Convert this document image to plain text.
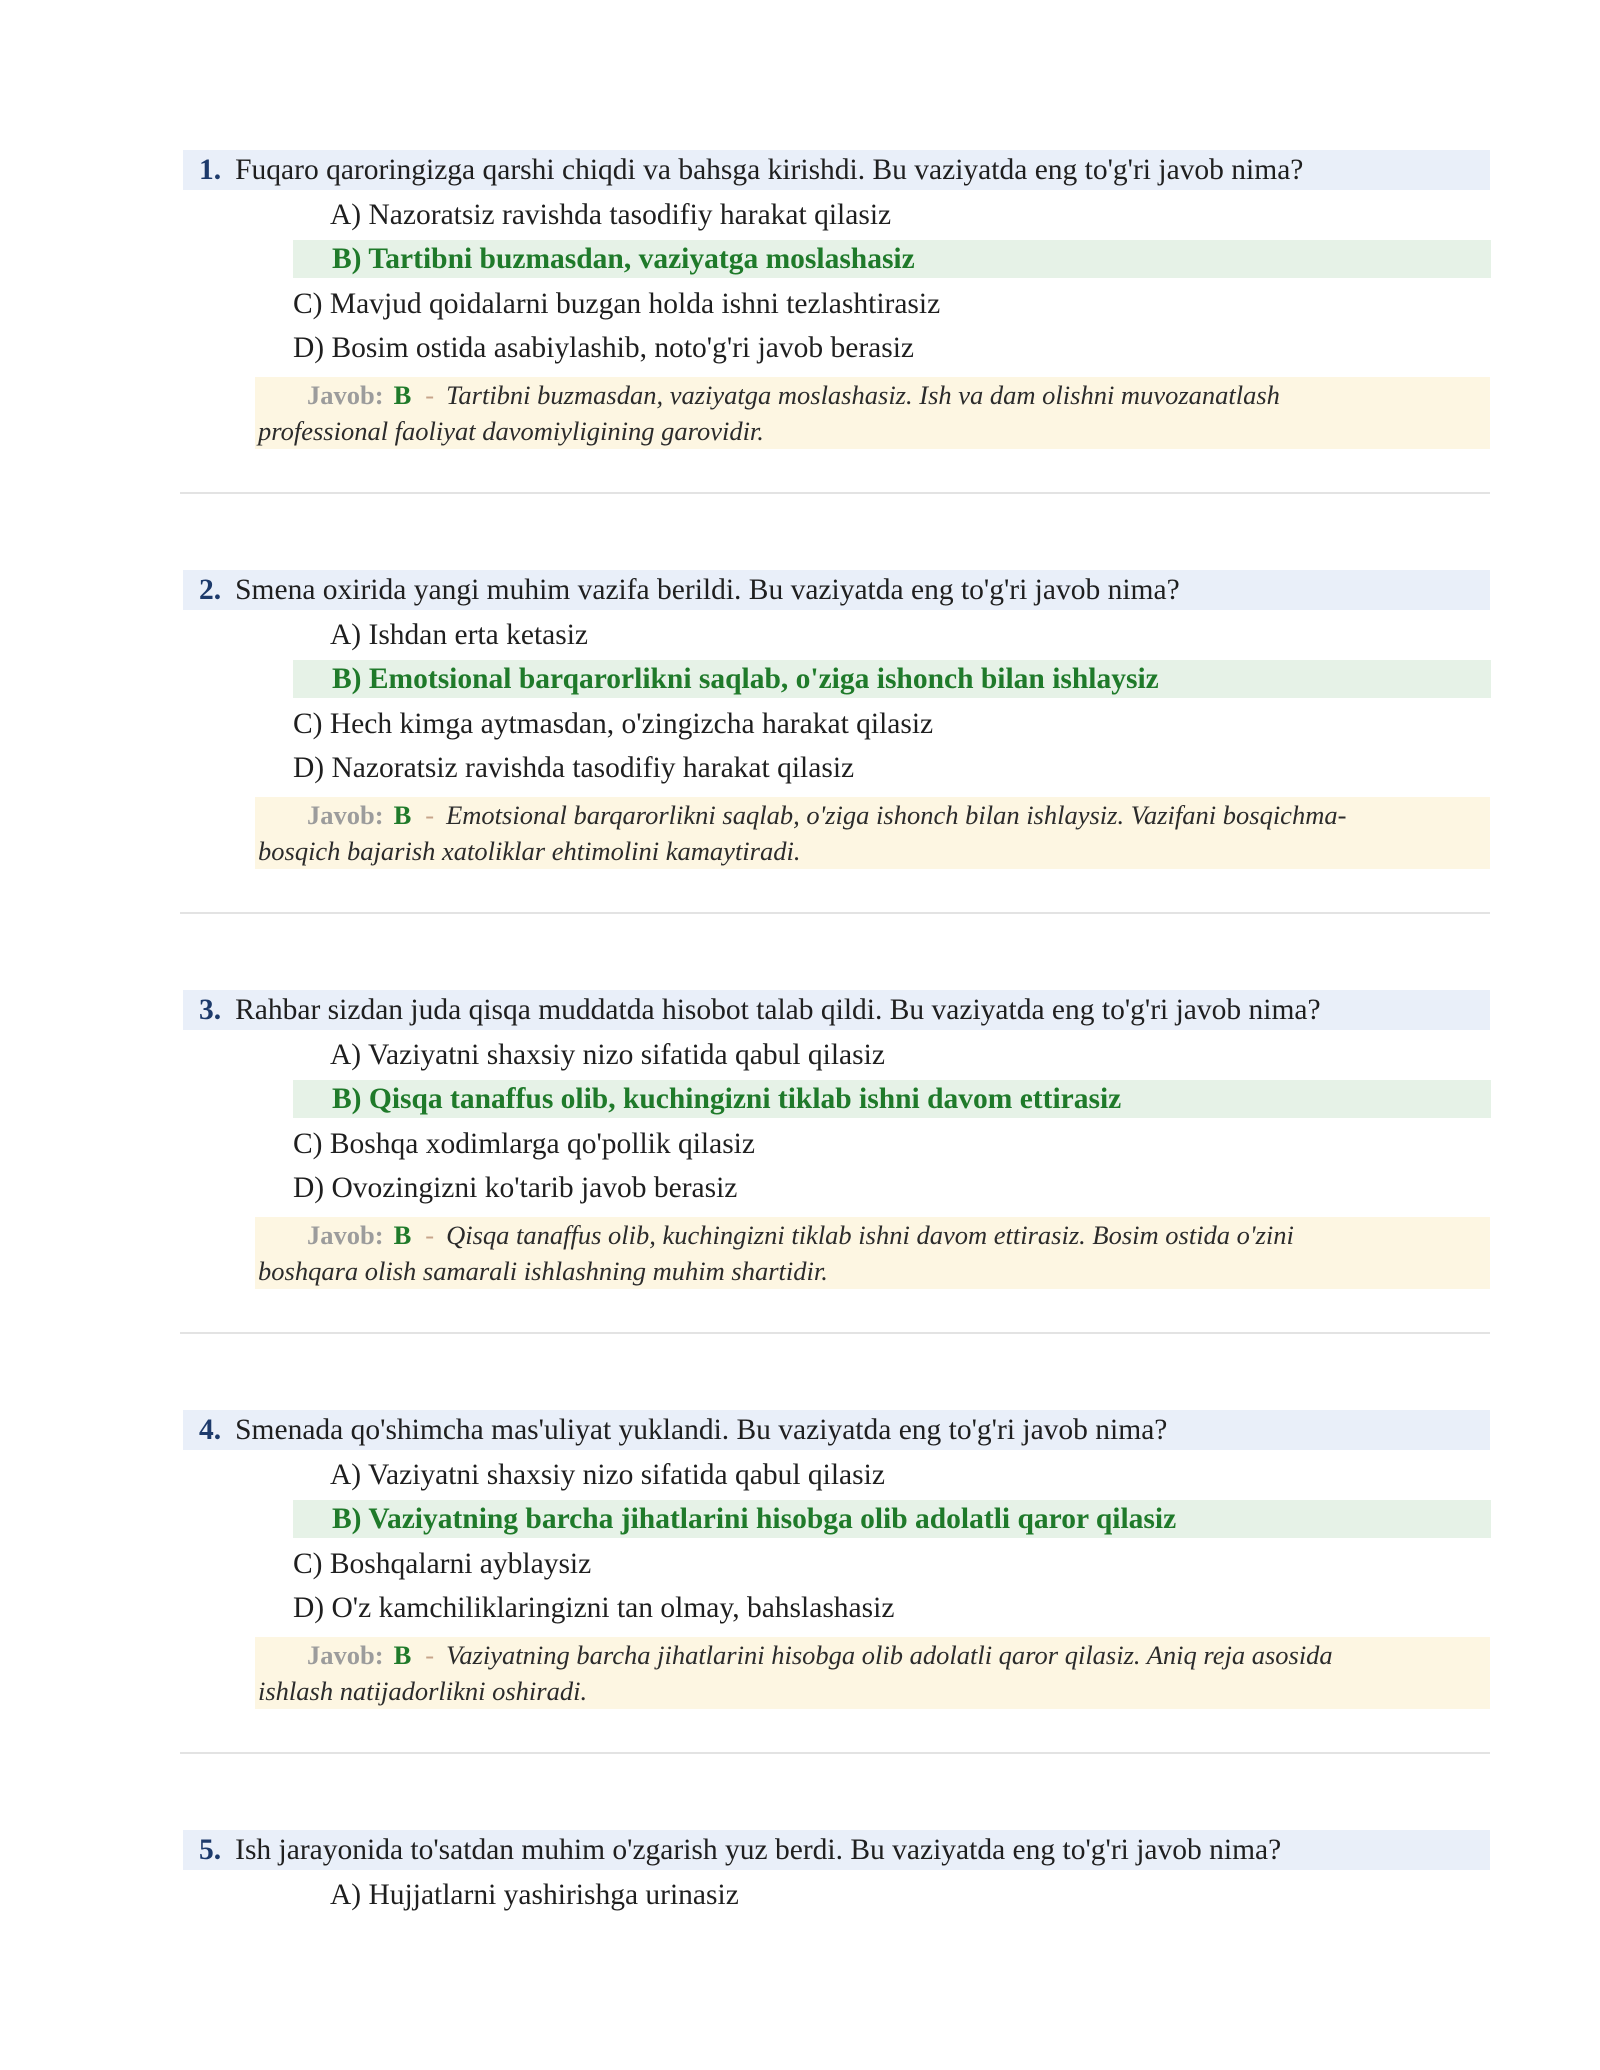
1. Fuqaro qaroringizga qarshi chiqdi va bahsga kirishdi. Bu vaziyatda eng to'g'ri javob nima?
A) Nazoratsiz ravishda tasodifiy harakat qilasiz
B) Tartibni buzmasdan, vaziyatga moslashasiz
C) Mavjud qoidalarni buzgan holda ishni tezlashtirasiz
D) Bosim ostida asabiylashib, noto'g'ri javob berasiz
Javob: B - Tartibni buzmasdan, vaziyatga moslashasiz. Ish va dam olishni muvozanatlash
professional faoliyat davomiyligining garovidir.
2. Smena oxirida yangi muhim vazifa berildi. Bu vaziyatda eng to'g'ri javob nima?
A) Ishdan erta ketasiz
B) Emotsional barqarorlikni saqlab, o'ziga ishonch bilan ishlaysiz
C) Hech kimga aytmasdan, o'zingizcha harakat qilasiz
D) Nazoratsiz ravishda tasodifiy harakat qilasiz
Javob: B - Emotsional barqarorlikni saqlab, o'ziga ishonch bilan ishlaysiz. Vazifani bosqichma-
bosqich bajarish xatoliklar ehtimolini kamaytiradi.
3. Rahbar sizdan juda qisqa muddatda hisobot talab qildi. Bu vaziyatda eng to'g'ri javob nima?
A) Vaziyatni shaxsiy nizo sifatida qabul qilasiz
B) Qisqa tanaffus olib, kuchingizni tiklab ishni davom ettirasiz
C) Boshqa xodimlarga qo'pollik qilasiz
D) Ovozingizni ko'tarib javob berasiz
Javob: B - Qisqa tanaffus olib, kuchingizni tiklab ishni davom ettirasiz. Bosim ostida o'zini
boshqara olish samarali ishlashning muhim shartidir.
4. Smenada qo'shimcha mas'uliyat yuklandi. Bu vaziyatda eng to'g'ri javob nima?
A) Vaziyatni shaxsiy nizo sifatida qabul qilasiz
B) Vaziyatning barcha jihatlarini hisobga olib adolatli qaror qilasiz
C) Boshqalarni ayblaysiz
D) O'z kamchiliklaringizni tan olmay, bahslashasiz
Javob: B - Vaziyatning barcha jihatlarini hisobga olib adolatli qaror qilasiz. Aniq reja asosida
ishlash natijadorlikni oshiradi.
5. Ish jarayonida to'satdan muhim o'zgarish yuz berdi. Bu vaziyatda eng to'g'ri javob nima?
A) Hujjatlarni yashirishga urinasiz
